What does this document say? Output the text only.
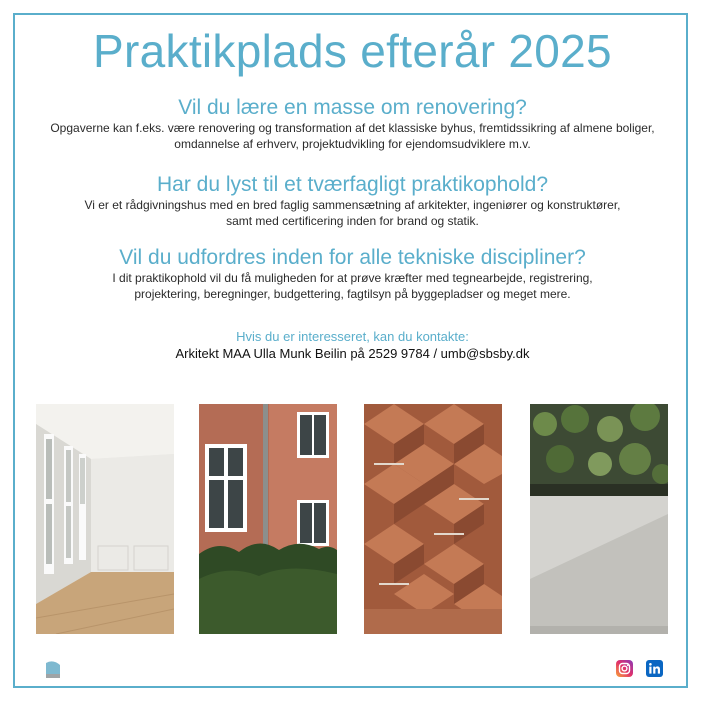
Praktikplads efterår 2025
Vil du lære en masse om renovering?
Opgaverne kan f.eks. være renovering og transformation af det klassiske byhus, fremtidssikring af almene boliger,
omdannelse af erhverv, projektudvikling for ejendomsudviklere m.v.
Har du lyst til et tværfagligt praktikophold?
Vi er et rådgivningshus med en bred faglig sammensætning af arkitekter, ingeniører og konstruktører,
samt med certificering inden for brand og statik.
Vil du udfordres inden for alle tekniske discipliner?
I dit praktikophold vil du få muligheden for at prøve kræfter med tegnearbejde, registrering,
projektering, beregninger, budgettering, fagtilsyn på byggepladser og meget mere.
Hvis du er interesseret, kan du kontakte:
Arkitekt MAA Ulla Munk Beilin på 2529 9784 / umb@sbsby.dk
